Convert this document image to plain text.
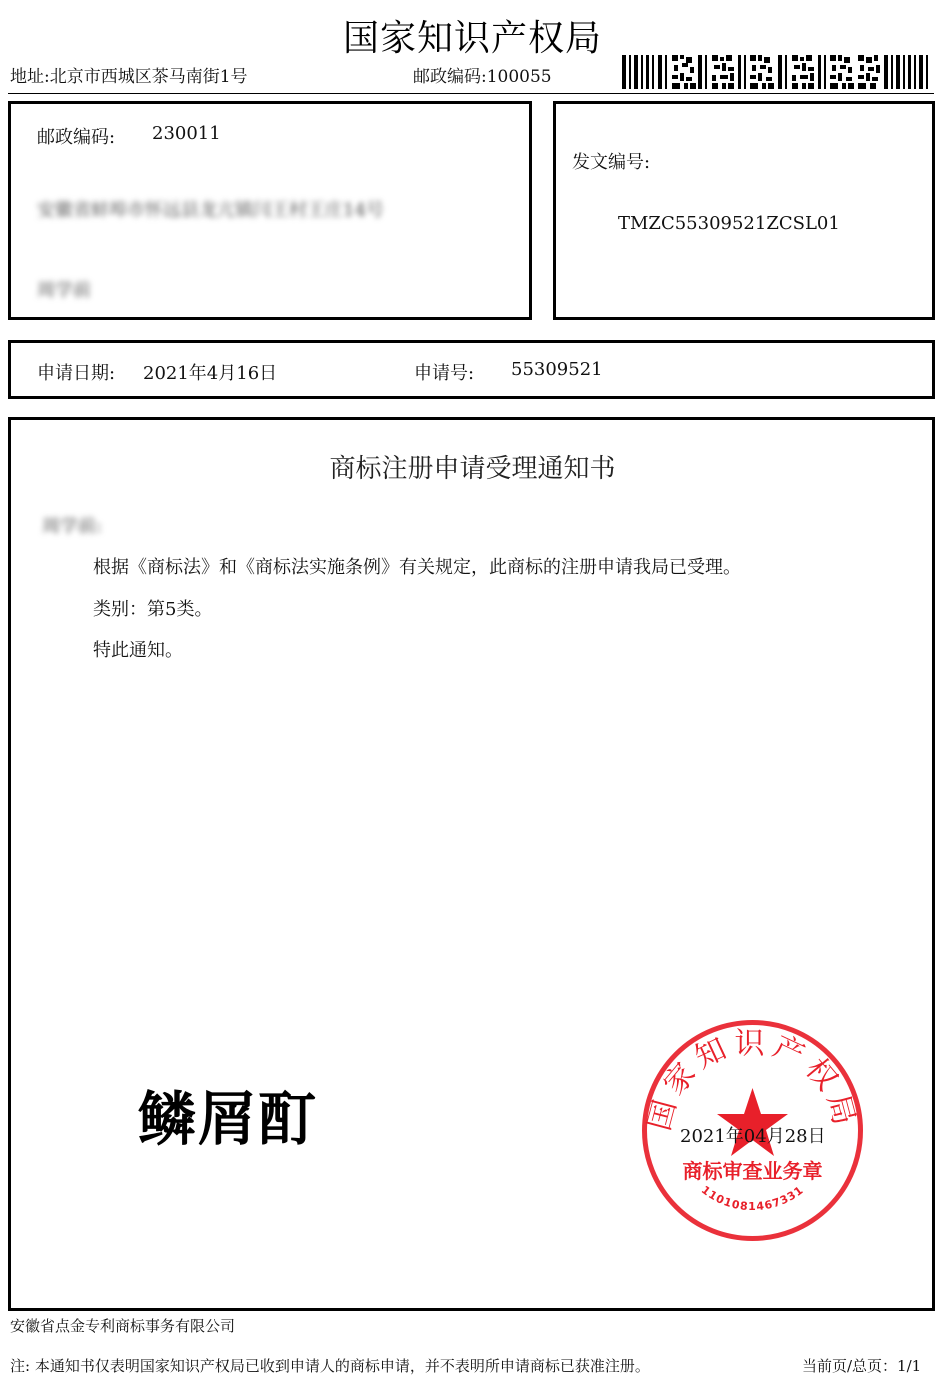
国家知识产权局
地址:北京市西城区茶马南街1号	邮政编码:100055
邮政编码: 230011
安徽省蚌埠市怀远县龙亢镇闫王村王庄14号
周学前
发文编号:
TMZC55309521ZCSL01
申请日期: 2021年4月16日	申请号: 55309521
商标注册申请受理通知书
周学前:
根据《商标法》和《商标法实施条例》有关规定，此商标的注册申请我局已受理。
类别：第5类。
特此通知。
鳞屑酊	国家知识产权局
商标审查业务章
1101081467331
2021年04月28日
安徽省点金专利商标事务有限公司
注: 本通知书仅表明国家知识产权局已收到申请人的商标申请，并不表明所申请商标已获准注册。	当前页/总页：1/1
